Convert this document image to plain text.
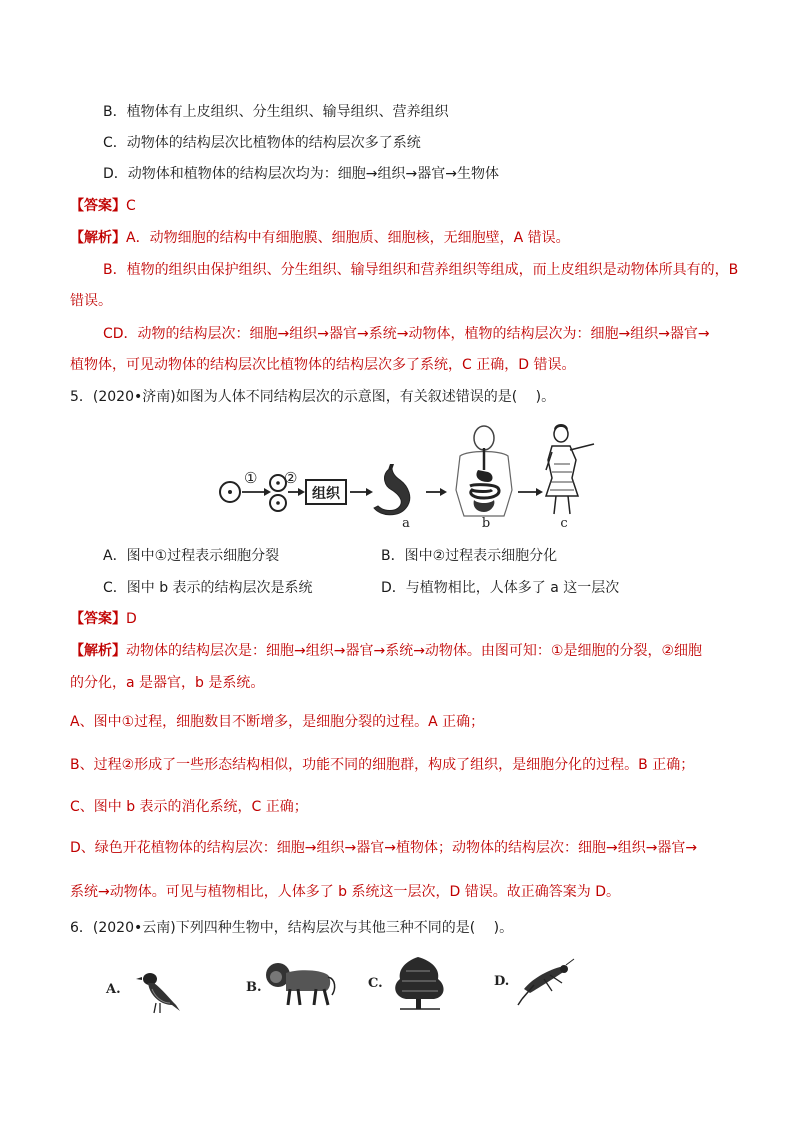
B．植物体有上皮组织、分生组织、输导组织、营养组织
C．动物体的结构层次比植物体的结构层次多了系统
D．动物体和植物体的结构层次均为：细胞→组织→器官→生物体
【答案】C
【解析】A．动物细胞的结构中有细胞膜、细胞质、细胞核，无细胞壁，A 错误。
B．植物的组织由保护组织、分生组织、输导组织和营养组织等组成，而上皮组织是动物体所具有的，B
错误。
CD．动物的结构层次：细胞→组织→器官→系统→动物体，植物的结构层次为：细胞→组织→器官→
植物体，可见动物体的结构层次比植物体的结构层次多了系统，C 正确，D 错误。
5．(2020•济南)如图为人体不同结构层次的示意图，有关叙述错误的是(　 )。
① ②
组织
a	b	c
A．图中①过程表示细胞分裂	B．图中②过程表示细胞分化
C．图中 b 表示的结构层次是系统	D．与植物相比，人体多了 a 这一层次
【答案】D
【解析】动物体的结构层次是：细胞→组织→器官→系统→动物体。由图可知：①是细胞的分裂，②细胞
的分化，a 是器官，b 是系统。
A、图中①过程，细胞数目不断增多，是细胞分裂的过程。A 正确；
B、过程②形成了一些形态结构相似，功能不同的细胞群，构成了组织，是细胞分化的过程。B 正确；
C、图中 b 表示的消化系统，C 正确；
D、绿色开花植物体的结构层次：细胞→组织→器官→植物体；动物体的结构层次：细胞→组织→器官→
系统→动物体。可见与植物相比，人体多了 b 系统这一层次，D 错误。故正确答案为 D。
6．(2020•云南)下列四种生物中，结构层次与其他三种不同的是(　 )。
A.	B.	C.	D.
